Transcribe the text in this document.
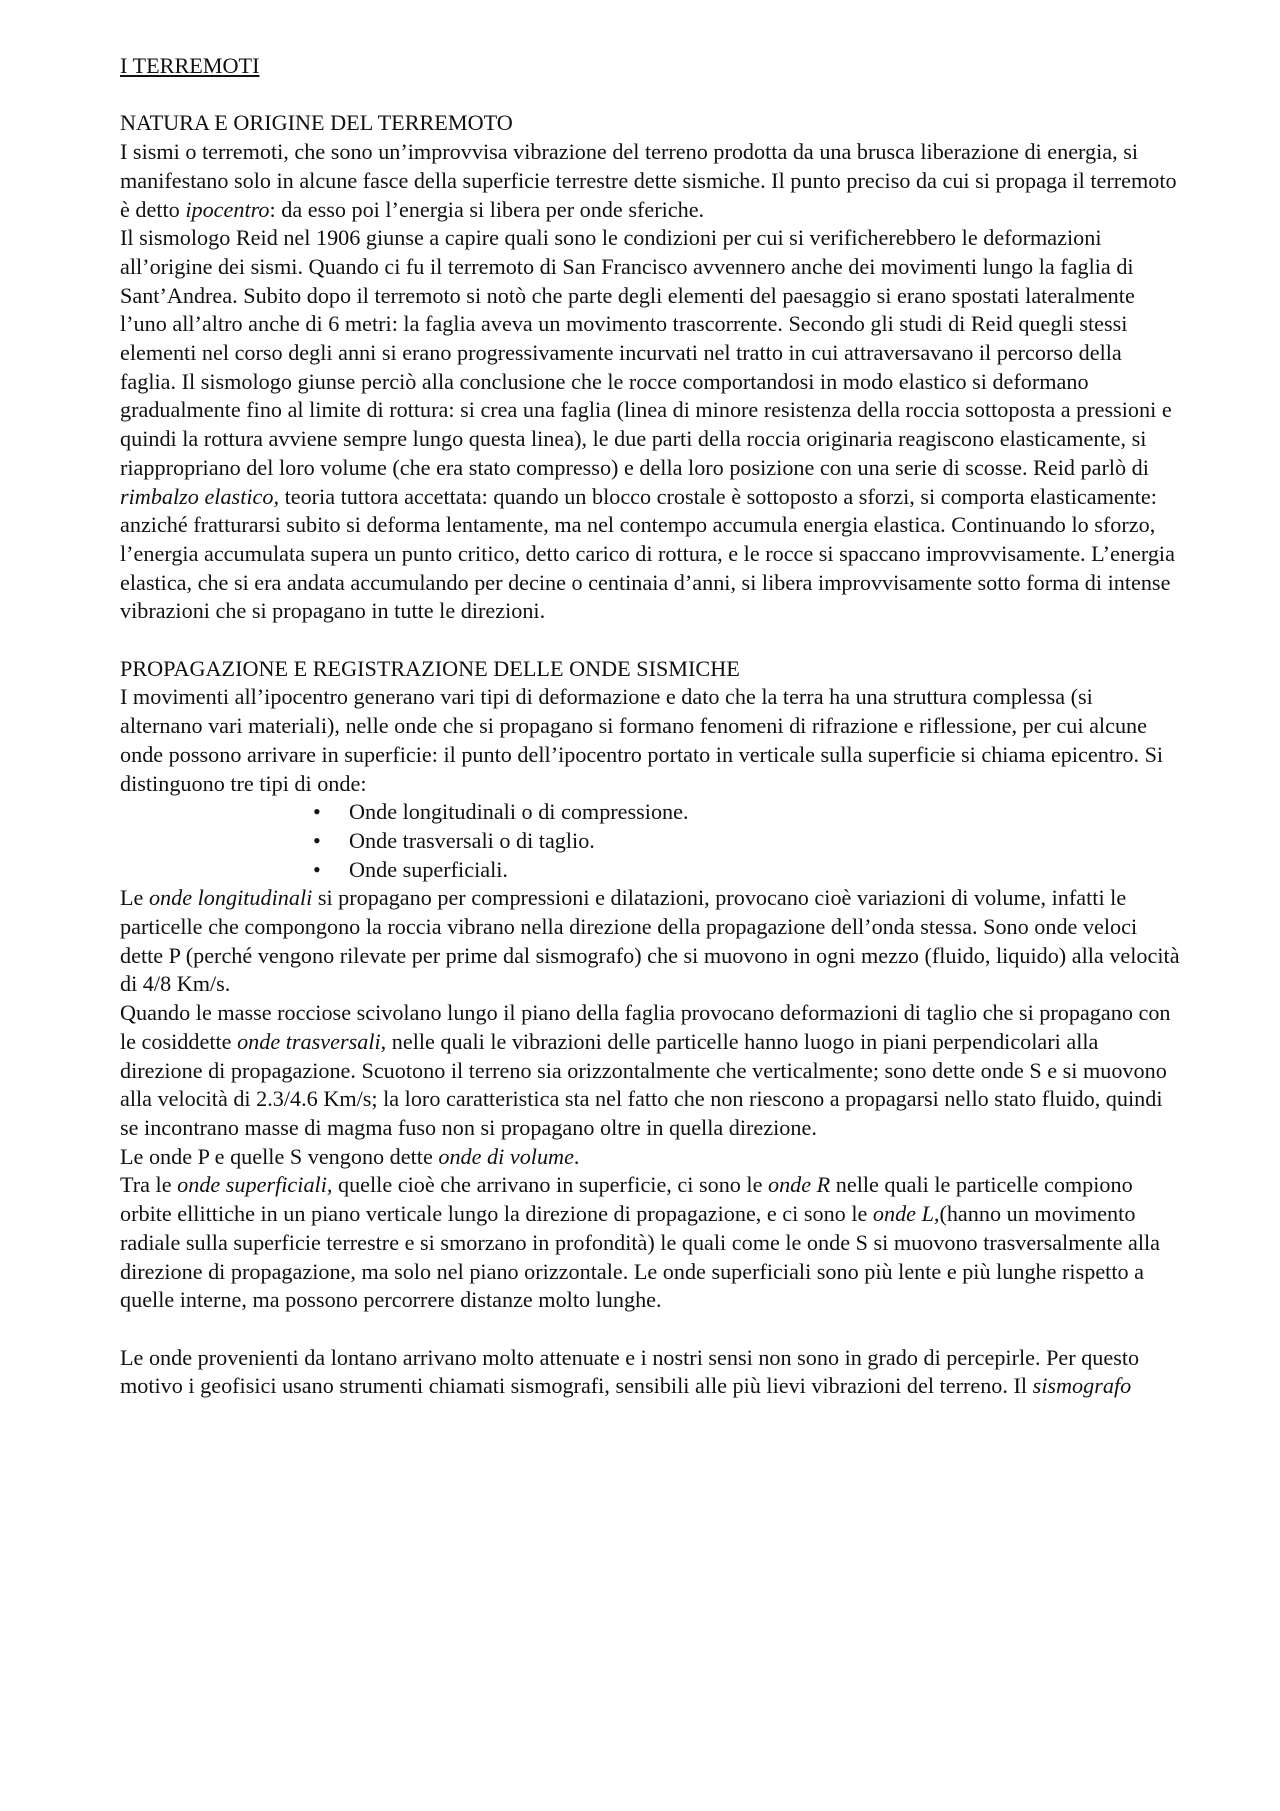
I TERREMOTI

NATURA E ORIGINE DEL TERREMOTO

I sismi o terremoti, che sono un’improvvisa vibrazione del terreno prodotta da una brusca liberazione di energia, si manifestano solo in alcune fasce della superficie terrestre dette sismiche. Il punto preciso da cui si propaga il terremoto è detto ipocentro: da esso poi l’energia si libera per onde sferiche.

Il sismologo Reid nel 1906 giunse a capire quali sono le condizioni per cui si verificherebbero le deformazioni all’origine dei sismi. Quando ci fu il terremoto di San Francisco avvennero anche dei movimenti lungo la faglia di Sant’Andrea. Subito dopo il terremoto si notò che parte degli elementi del paesaggio si erano spostati lateralmente l’uno all’altro anche di 6 metri: la faglia aveva un movimento trascorrente. Secondo gli studi di Reid quegli stessi elementi nel corso degli anni si erano progressivamente incurvati nel tratto in cui attraversavano il percorso della faglia. Il sismologo giunse perciò alla conclusione che le rocce comportandosi in modo elastico si deformano gradualmente fino al limite di rottura: si crea una faglia (linea di minore resistenza della roccia sottoposta a pressioni e quindi la rottura avviene sempre lungo questa linea), le due parti della roccia originaria reagiscono elasticamente, si riappropriano del loro volume (che era stato compresso) e della loro posizione con una serie di scosse. Reid parlò di rimbalzo elastico, teoria tuttora accettata: quando un blocco crostale è sottoposto a sforzi, si comporta elasticamente: anziché fratturarsi subito si deforma lentamente, ma nel contempo accumula energia elastica. Continuando lo sforzo, l’energia accumulata supera un punto critico, detto carico di rottura, e le rocce si spaccano improvvisamente. L’energia elastica, che si era andata accumulando per decine o centinaia d’anni, si libera improvvisamente sotto forma di intense vibrazioni che si propagano in tutte le direzioni.

PROPAGAZIONE E REGISTRAZIONE DELLE ONDE SISMICHE

I movimenti all’ipocentro generano vari tipi di deformazione e dato che la terra ha una struttura complessa (si alternano vari materiali), nelle onde che si propagano si formano fenomeni di rifrazione e riflessione, per cui alcune onde possono arrivare in superficie: il punto dell’ipocentro portato in verticale sulla superficie si chiama epicentro. Si distinguono tre tipi di onde:

• Onde longitudinali o di compressione.
• Onde trasversali o di taglio.
• Onde superficiali.

Le onde longitudinali si propagano per compressioni e dilatazioni, provocano cioè variazioni di volume, infatti le particelle che compongono la roccia vibrano nella direzione della propagazione dell’onda stessa. Sono onde veloci dette P (perché vengono rilevate per prime dal sismografo) che si muovono in ogni mezzo (fluido, liquido) alla velocità di 4/8 Km/s.

Quando le masse rocciose scivolano lungo il piano della faglia provocano deformazioni di taglio che si propagano con le cosiddette onde trasversali, nelle quali le vibrazioni delle particelle hanno luogo in piani perpendicolari alla direzione di propagazione. Scuotono il terreno sia orizzontalmente che verticalmente; sono dette onde S e si muovono alla velocità di 2.3/4.6 Km/s; la loro caratteristica sta nel fatto che non riescono a propagarsi nello stato fluido, quindi se incontrano masse di magma fuso non si propagano oltre in quella direzione.

Le onde P e quelle S vengono dette onde di volume.

Tra le onde superficiali, quelle cioè che arrivano in superficie, ci sono le onde R nelle quali le particelle compiono orbite ellittiche in un piano verticale lungo la direzione di propagazione, e ci sono le onde L,(hanno un movimento radiale sulla superficie terrestre e si smorzano in profondità) le quali come le onde S si muovono trasversalmente alla direzione di propagazione, ma solo nel piano orizzontale. Le onde superficiali sono più lente e più lunghe rispetto a quelle interne, ma possono percorrere distanze molto lunghe.

Le onde provenienti da lontano arrivano molto attenuate e i nostri sensi non sono in grado di percepirle. Per questo motivo i geofisici usano strumenti chiamati sismografi, sensibili alle più lievi vibrazioni del terreno. Il sismografo
